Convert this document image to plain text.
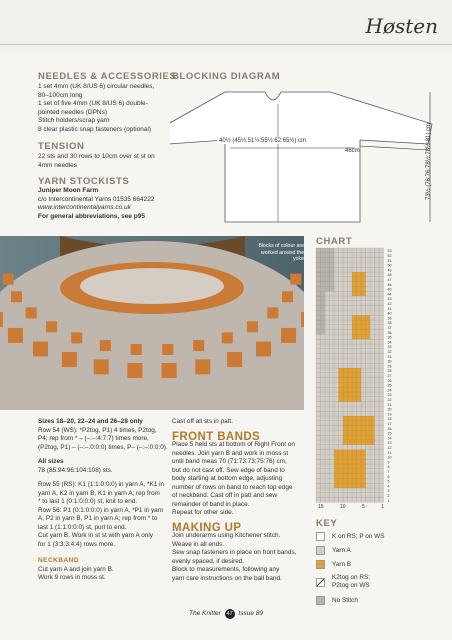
Høsten
NEEDLES & ACCESSORIES
1 set 4mm (UK 8/US 6) circular needles,
80–100cm long
1 set of five 4mm (UK 8/US 6) double-
pointed needles (DPNs)
Stitch holders/scrap yarn
8 clear plastic snap fasteners (optional)
TENSION
22 sts and 30 rows to 10cm over st st on
4mm needles
YARN STOCKISTS
Juniper Moon Farm
c/o Intercontinental Yarns 01535 664222
www.intercontinentalyarns.co.uk
For general abbreviations, see p95
BLOCKING DIAGRAM
40½ (45½:51½:55½:62:65½) cm
46cm	73½ (76:76:78½:78½:81) cm
Blocks of colour are worked around the yoke
CHART
1
2
3
4
5
6
7
8
9
10
11
12
13
14
15
16
17
18
19
20
21
22
23
24
25
26
27
28
29
30
31
32
33
34
35
36
37
38
39
40
41
42
43
44
45
46
47
48
49
50
51
52
53
15	10	5	1
KEY
K on RS; P on WS
Yarn A
Yarn B
K2tog on RS;
P2tog on WS
No Stitch
Sizes 18–20, 22–24 and 26–28 only
Row 54 (WS): *P2tog, P1) 4 times, P2tog,
P4; rep from * – (–:–:4:7:7) times more,
(P2tog, P1) – (–:–:0:0:0) times, P– (–:–:0:0:0).
All sizes
78 (85:94:96:104:108) sts.
Row 55 (RS): K1 (1:1:0:0:0) in yarn A, *K1 in
yarn A, K2 in yarn B, K1 in yarn A; rep from
* to last 1 (0:1:0:0:0) st, knit to end.
Row 56: P1 (0:1:0:0:0) in yarn A, *P1 in yarn
A, P2 in yarn B, P1 in yarn A; rep from * to
last 1 (1:1:0:0:0) st, purl to end.
Cut yarn B. Work in st st with yarn A only
for 1 (3:3:3:4:4) rows more.
NECKBAND
Cut yarn A and join yarn B.
Work 9 rows in moss st.
Cast off all sts in patt.
FRONT BANDS
Place 5 held sts at bottom of Right Front on
needles. Join yarn B and work in moss st
until band meas 70 (71:73:73:75:76) cm,
but do not cast off. Sew edge of band to
body starting at bottom edge, adjusting
number of rows on band to reach top edge
of neckband. Cast off in patt and sew
remainder of band in place.
Repeat for other side.
MAKING UP
Join underarms using Kitchener stitch.
Weave in all ends.
Sew snap fasteners in place on front bands,
evenly spaced, if desired.
Block to measurements, following any
yarn care instructions on the ball band.
The Knitter 47 Issue 89
